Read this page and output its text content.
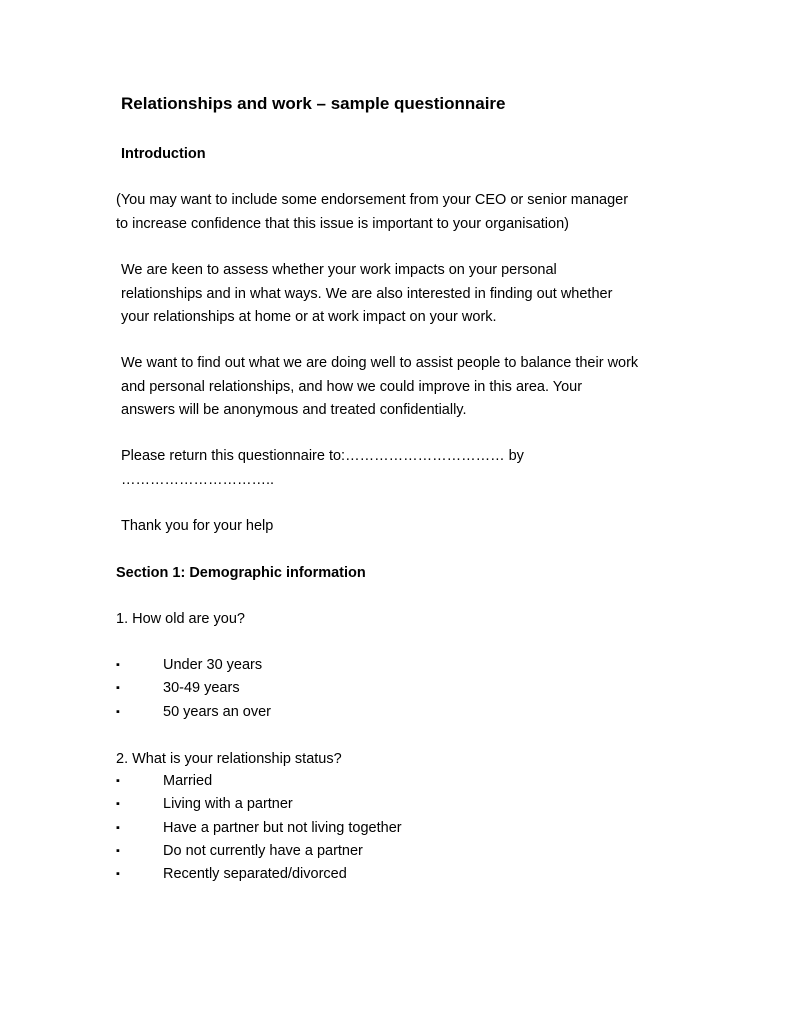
Relationships and work – sample questionnaire
Introduction

(You may want to include some endorsement from your CEO or senior manager
to increase confidence that this issue is important to your organisation)

We are keen to assess whether your work impacts on your personal
relationships and in what ways. We are also interested in finding out whether
your relationships at home or at work impact on your work.

We want to find out what we are doing well to assist people to balance their work
and personal relationships, and how we could improve in this area. Your
answers will be anonymous and treated confidentially.

Please return this questionnaire to:…………………………… by
…………………………..

Thank you for your help

Section 1: Demographic information

1. How old are you?

▪	Under 30 years
▪	30-49 years
▪	50 years an over

2. What is your relationship status?

▪	Married
▪	Living with a partner
▪	Have a partner but not living together
▪	Do not currently have a partner
▪	Recently separated/divorced
